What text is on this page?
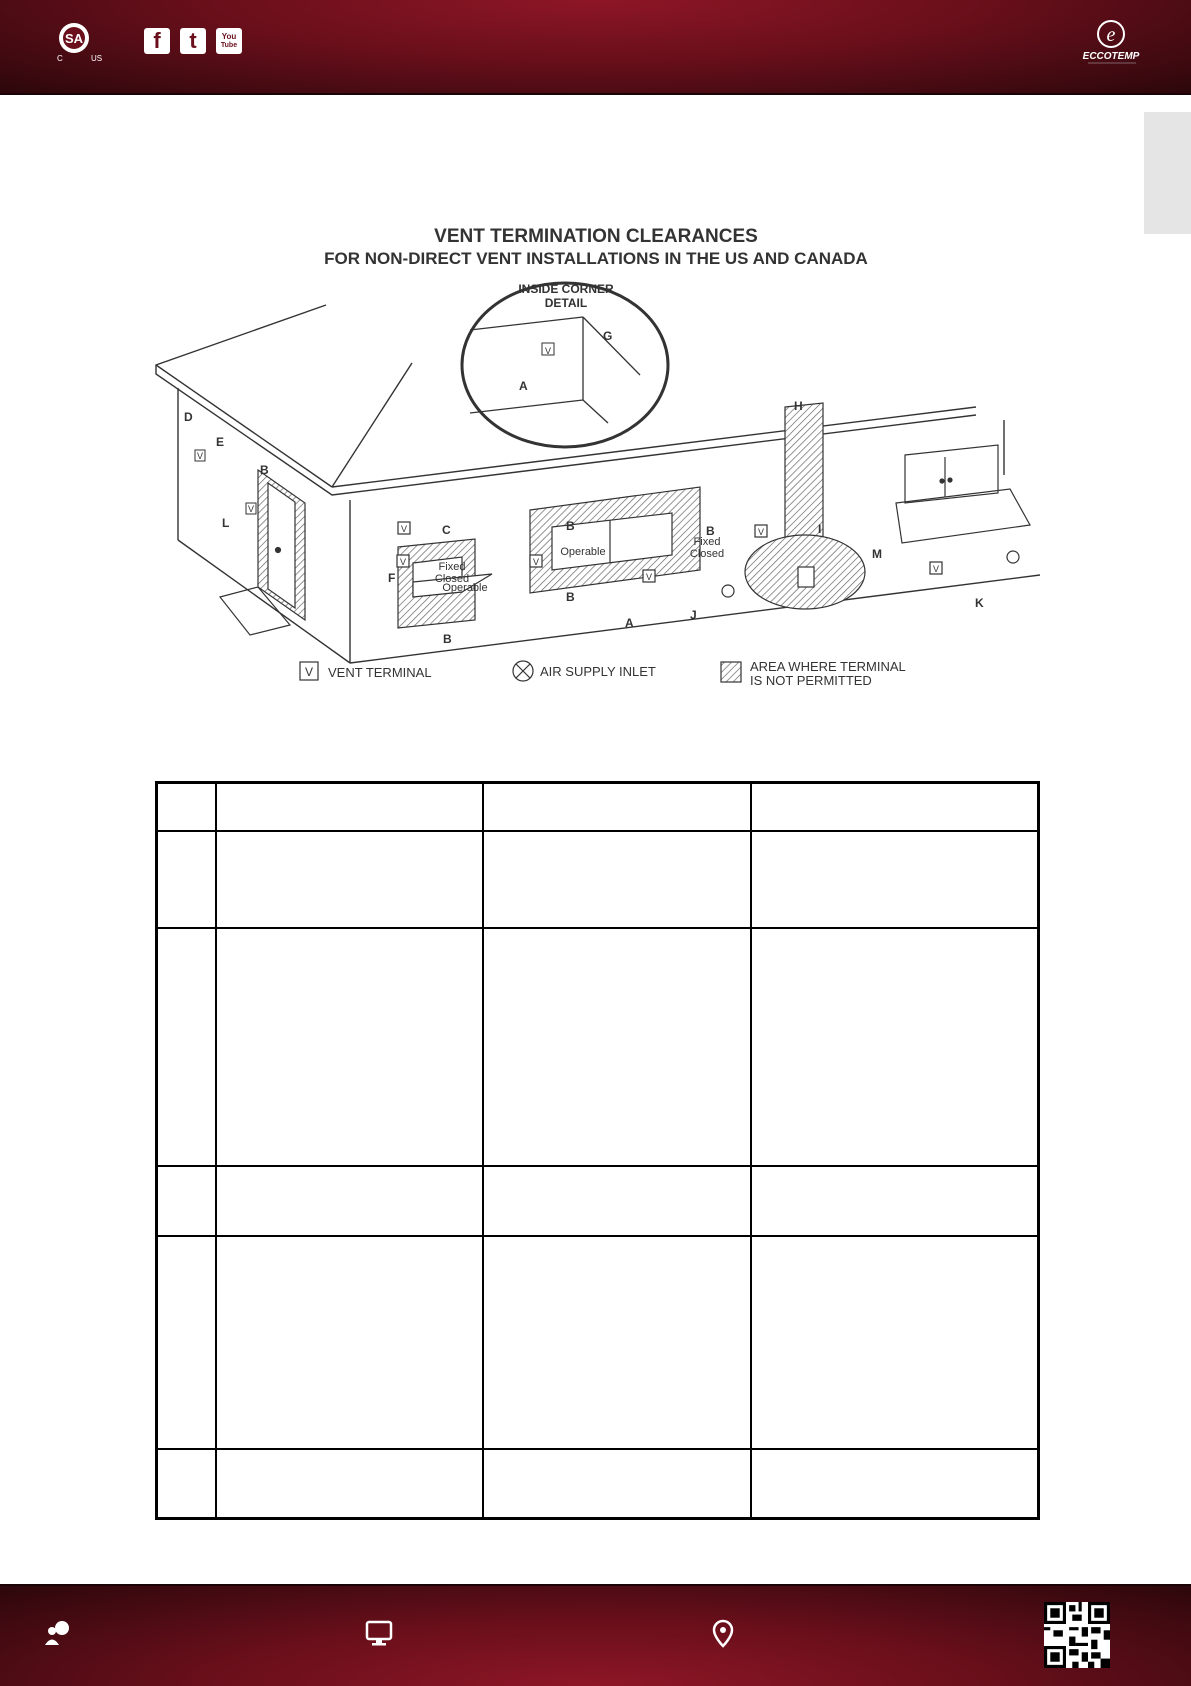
SA
C	US
f t	You
Tube	e
ECCOTEMP
VENT TERMINATION CLEARANCES
FOR NON-DIRECT VENT INSTALLATIONS IN THE US AND CANADA
Fixed
Closed
Operable
Operable
Fixed
Closed
INSIDE CORNER
DETAIL
V
A
G
D
E
B
L
F
C
B
B
B
B
A
J
H
I
M
K
V
V	V
V
V
V
V
V
V VENT TERMINAL	AIR SUPPLY INLET	AREA WHERE TERMINAL
IS NOT PERMITTED
